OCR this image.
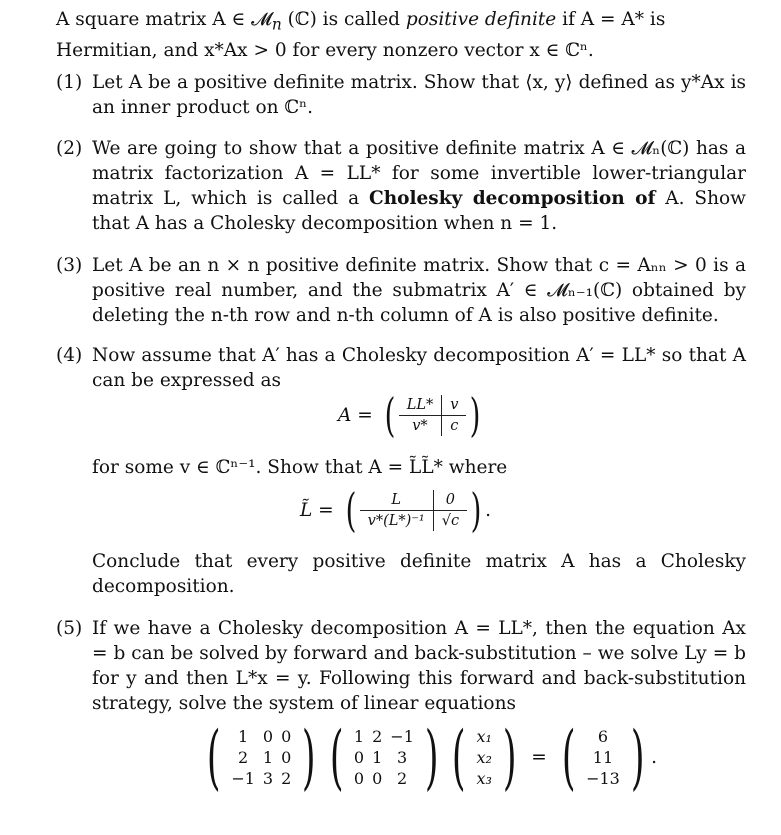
A square matrix A ∈ 𝓜$_n$ (ℂ) is called positive definite if A = A* is Hermitian, and x*Ax > 0 for every nonzero vector x ∈ ℂⁿ.

(1) Let A be a positive definite matrix. Show that ⟨x, y⟩ defined as y*Ax is an inner product on ℂⁿ.
(2) We are going to show that a positive definite matrix A ∈ 𝓜ₙ(ℂ) has a matrix factorization A = LL* for some invertible lower-triangular matrix L, which is called a Cholesky decomposition of A. Show that A has a Cholesky decomposition when n = 1.
(3) Let A be an n × n positive definite matrix. Show that c = Aₙₙ > 0 is a positive real number, and the submatrix A′ ∈ 𝓜ₙ₋₁(ℂ) obtained by deleting the n-th row and n-th column of A is also positive definite.
(4) Now assume that A′ has a Cholesky decomposition A′ = LL* so that A can be expressed as
A = ( LL*	v
v*	c )
for some v ∈ ℂⁿ⁻¹. Show that A = L̃L̃* where
L̃ = (	L	0
v*(L*)⁻¹	√c ) .
Conclude that every positive definite matrix A has a Cholesky decomposition.
(5) If we have a Cholesky decomposition A = LL*, then the equation Ax = b can be solved by forward and back-substitution – we solve Ly = b for y and then L*x = y. Following this forward and back-substitution strategy, solve the system of linear equations
(	1 0 0
2 1 0
−1 3 2 ) ( 1 2 −1
0 1 3
0 0 2 ) ( x₁
x₂
x₃ ) = (	6
11
−13 ) .
